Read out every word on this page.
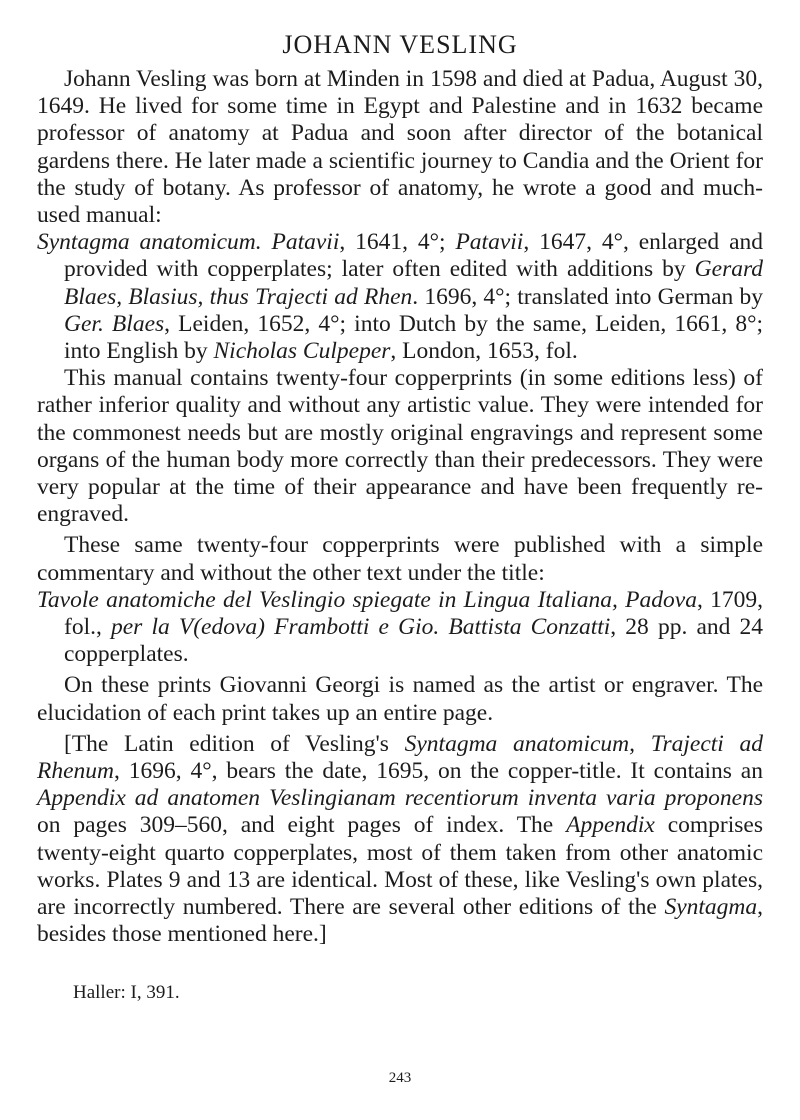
JOHANN VESLING

Johann Vesling was born at Minden in 1598 and died at Padua, August 30, 1649. He lived for some time in Egypt and Palestine and in 1632 became professor of anatomy at Padua and soon after director of the botanical gardens there. He later made a scientific journey to Candia and the Orient for the study of botany. As professor of anatomy, he wrote a good and much-used manual:

Syntagma anatomicum. Patavii, 1641, 4°; Patavii, 1647, 4°, enlarged and provided with copperplates; later often edited with additions by Gerard Blaes, Blasius, thus Trajecti ad Rhen. 1696, 4°; translated into German by Ger. Blaes, Leiden, 1652, 4°; into Dutch by the same, Leiden, 1661, 8°; into English by Nicholas Culpeper, London, 1653, fol.

This manual contains twenty-four copperprints (in some editions less) of rather inferior quality and without any artistic value. They were intended for the commonest needs but are mostly original engravings and represent some organs of the human body more correctly than their predecessors. They were very popular at the time of their appearance and have been frequently re-engraved.

These same twenty-four copperprints were published with a simple commentary and without the other text under the title:

Tavole anatomiche del Veslingio spiegate in Lingua Italiana, Padova, 1709, fol., per la V(edova) Frambotti e Gio. Battista Conzatti, 28 pp. and 24 copperplates.

On these prints Giovanni Georgi is named as the artist or engraver. The elucidation of each print takes up an entire page.

[The Latin edition of Vesling's Syntagma anatomicum, Trajecti ad Rhenum, 1696, 4°, bears the date, 1695, on the copper-title. It contains an Appendix ad anatomen Veslingianam recentiorum inventa varia proponens on pages 309–560, and eight pages of index. The Appendix comprises twenty-eight quarto copperplates, most of them taken from other anatomic works. Plates 9 and 13 are identical. Most of these, like Vesling's own plates, are incorrectly numbered. There are several other editions of the Syntagma, besides those mentioned here.]

Haller: I, 391.
243
